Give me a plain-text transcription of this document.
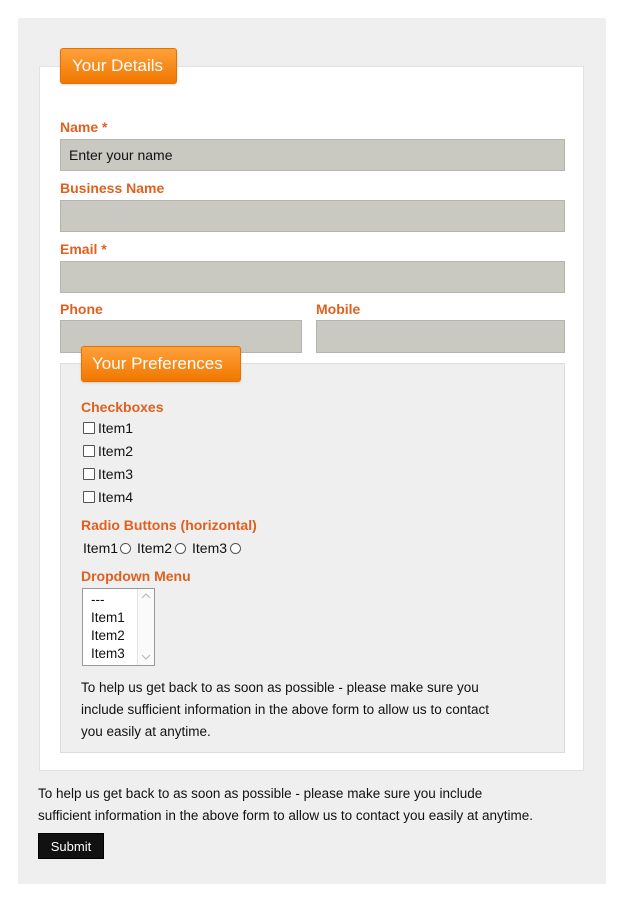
Your Details
Name *
Enter your name
Business Name
Email *
Phone	Mobile
Your Preferences
Checkboxes
Item1
Item2
Item3
Item4
Radio Buttons (horizontal)
Item1 Item2 Item3
Dropdown Menu
---
Item1
Item2
Item3
To help us get back to as soon as possible - please make sure you
include sufficient information in the above form to allow us to contact
you easily at anytime.
To help us get back to as soon as possible - please make sure you include
sufficient information in the above form to allow us to contact you easily at anytime.
Submit
